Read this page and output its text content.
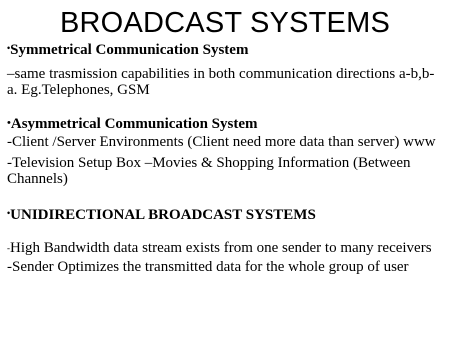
BROADCAST SYSTEMS
•Symmetrical Communication System
–same trasmission capabilities in both communication directions a-b,b-
a. Eg.Telephones, GSM
•Asymmetrical Communication System
-Client /Server Environments (Client need more data than server) www
-Television Setup Box –Movies & Shopping Information (Between
Channels)
•UNIDIRECTIONAL BROADCAST SYSTEMS
-High Bandwidth data stream exists from one sender to many receivers
-Sender Optimizes the transmitted data for the whole group of user
